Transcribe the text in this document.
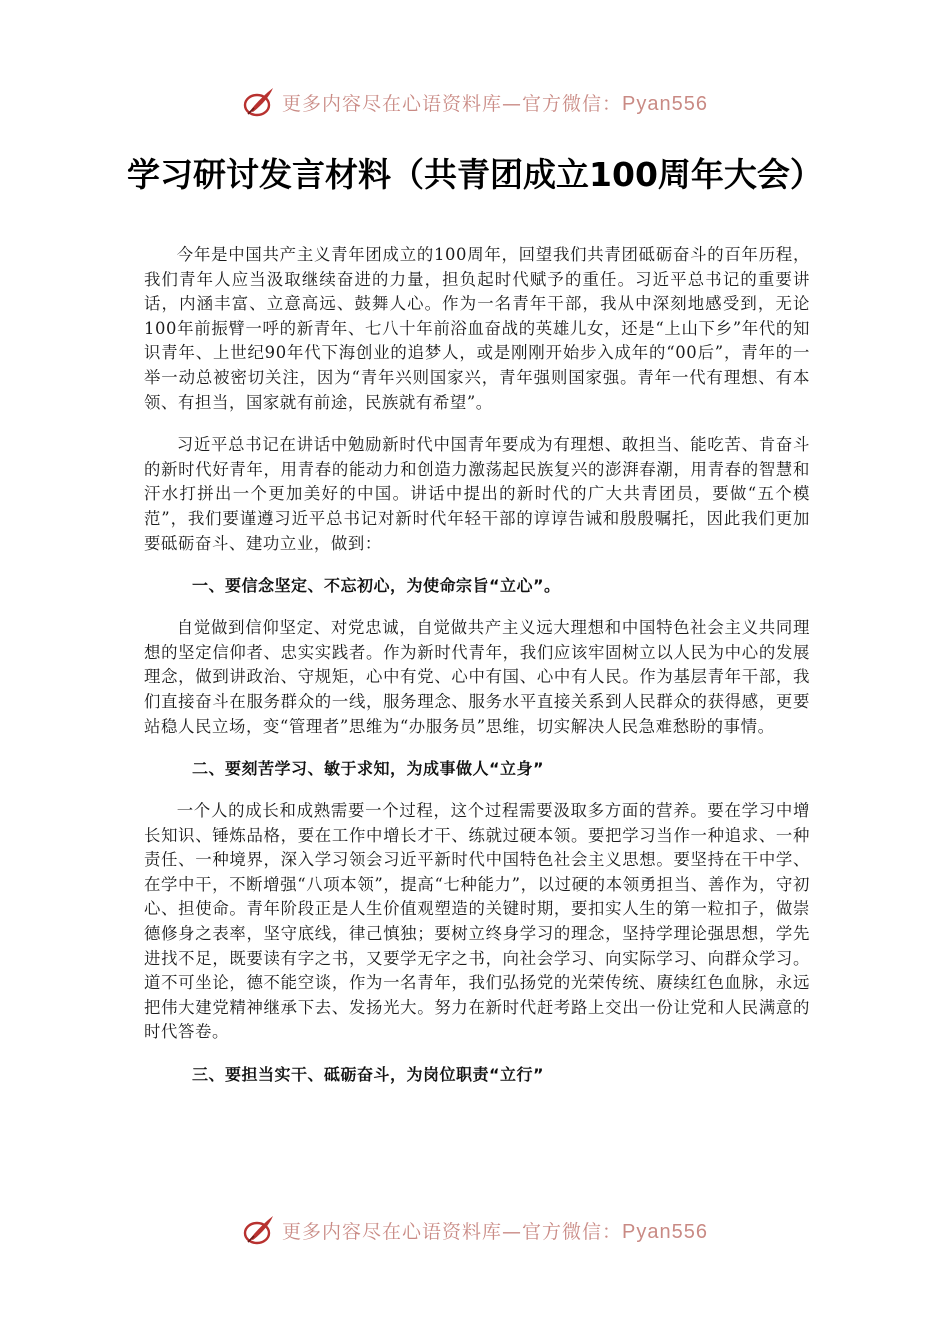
更多内容尽在心语资料库—官方微信：Pyan556
学习研讨发言材料（共青团成立100周年大会）

今年是中国共产主义青年团成立的100周年，回望我们共青团砥砺奋斗的百年历程，我们青年人应当汲取继续奋进的力量，担负起时代赋予的重任。习近平总书记的重要讲话，内涵丰富、立意高远、鼓舞人心。作为一名青年干部，我从中深刻地感受到，无论100年前振臂一呼的新青年、七八十年前浴血奋战的英雄儿女，还是“上山下乡”年代的知识青年、上世纪90年代下海创业的追梦人，或是刚刚开始步入成年的“00后”，青年的一举一动总被密切关注，因为“青年兴则国家兴，青年强则国家强。青年一代有理想、有本领、有担当，国家就有前途，民族就有希望”。

习近平总书记在讲话中勉励新时代中国青年要成为有理想、敢担当、能吃苦、肯奋斗的新时代好青年，用青春的能动力和创造力激荡起民族复兴的澎湃春潮，用青春的智慧和汗水打拼出一个更加美好的中国。讲话中提出的新时代的广大共青团员，要做“五个模范”，我们要谨遵习近平总书记对新时代年轻干部的谆谆告诫和殷殷嘱托，因此我们更加要砥砺奋斗、建功立业，做到：

一、要信念坚定、不忘初心，为使命宗旨“立心”。

自觉做到信仰坚定、对党忠诚，自觉做共产主义远大理想和中国特色社会主义共同理想的坚定信仰者、忠实实践者。作为新时代青年，我们应该牢固树立以人民为中心的发展理念，做到讲政治、守规矩，心中有党、心中有国、心中有人民。作为基层青年干部，我们直接奋斗在服务群众的一线，服务理念、服务水平直接关系到人民群众的获得感，更要站稳人民立场，变“管理者”思维为“办服务员”思维，切实解决人民急难愁盼的事情。

二、要刻苦学习、敏于求知，为成事做人“立身”

一个人的成长和成熟需要一个过程，这个过程需要汲取多方面的营养。要在学习中增长知识、锤炼品格，要在工作中增长才干、练就过硬本领。要把学习当作一种追求、一种责任、一种境界，深入学习领会习近平新时代中国特色社会主义思想。要坚持在干中学、在学中干，不断增强“八项本领”，提高“七种能力”，以过硬的本领勇担当、善作为，守初心、担使命。青年阶段正是人生价值观塑造的关键时期，要扣实人生的第一粒扣子，做崇德修身之表率，坚守底线，律己慎独；要树立终身学习的理念，坚持学理论强思想，学先进找不足，既要读有字之书，又要学无字之书，向社会学习、向实际学习、向群众学习。道不可坐论，德不能空谈，作为一名青年，我们弘扬党的光荣传统、赓续红色血脉，永远把伟大建党精神继承下去、发扬光大。努力在新时代赶考路上交出一份让党和人民满意的时代答卷。

三、要担当实干、砥砺奋斗，为岗位职责“立行”

更多内容尽在心语资料库—官方微信：Pyan556
